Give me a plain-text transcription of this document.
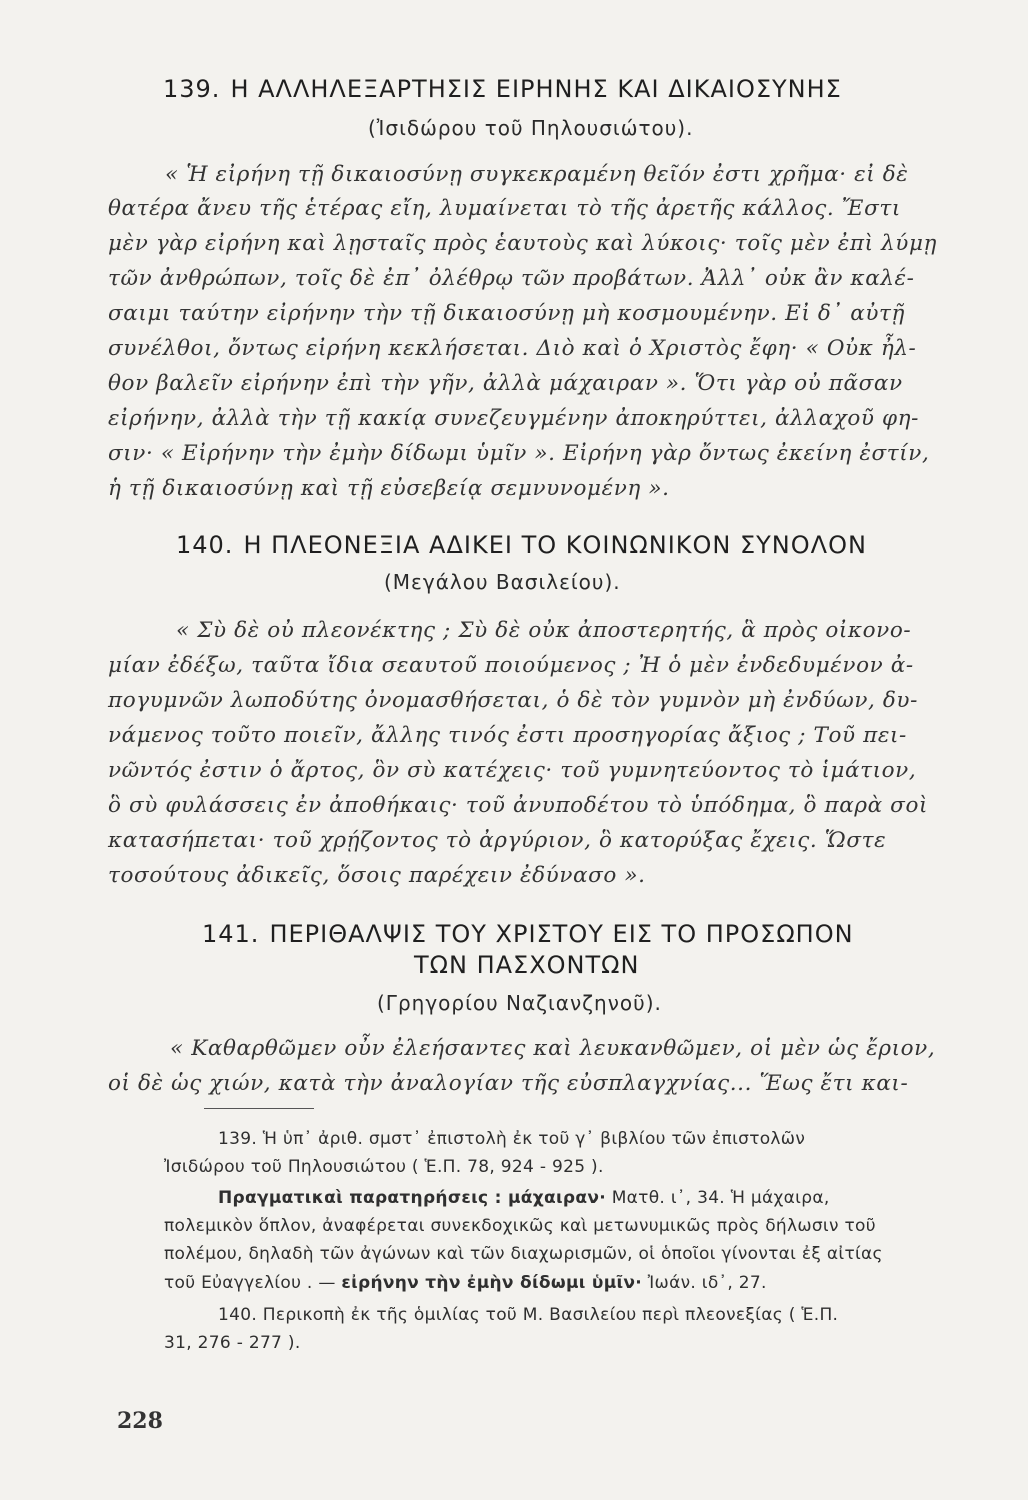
139. Η ΑΛΛΗΛΕΞΑΡΤΗΣΙΣ ΕΙΡΗΝΗΣ ΚΑΙ ΔΙΚΑΙΟΣΥΝΗΣ
(Ἰσιδώρου τοῦ Πηλουσιώτου).
« Ἡ εἰρήνη τῇ δικαιοσύνῃ συγκεκραμένη θεῖόν ἐστι χρῆμα· εἰ δὲ
θατέρα ἄνευ τῆς ἑτέρας εἴη, λυμαίνεται τὸ τῆς ἀρετῆς κάλλος. Ἔστι
μὲν γὰρ εἰρήνη καὶ λῃσταῖς πρὸς ἑαυτοὺς καὶ λύκοις· τοῖς μὲν ἐπὶ λύμῃ
τῶν ἀνθρώπων, τοῖς δὲ ἐπ᾽ ὀλέθρῳ τῶν προβάτων. Ἀλλ᾽ οὐκ ἂν καλέ-
σαιμι ταύτην εἰρήνην τὴν τῇ δικαιοσύνῃ μὴ κοσμουμένην. Εἰ δ᾽ αὐτῇ
συνέλθοι, ὄντως εἰρήνη κεκλήσεται. Διὸ καὶ ὁ Χριστὸς ἔφη· « Οὐκ ἦλ-
θον βαλεῖν εἰρήνην ἐπὶ τὴν γῆν, ἀλλὰ μάχαιραν ». Ὅτι γὰρ οὐ πᾶσαν
εἰρήνην, ἀλλὰ τὴν τῇ κακίᾳ συνεζευγμένην ἀποκηρύττει, ἀλλαχοῦ φη-
σιν· « Εἰρήνην τὴν ἐμὴν δίδωμι ὑμῖν ». Εἰρήνη γὰρ ὄντως ἐκείνη ἐστίν,
ἡ τῇ δικαιοσύνῃ καὶ τῇ εὐσεβείᾳ σεμνυνομένη ».
140. Η ΠΛΕΟΝΕΞΙΑ ΑΔΙΚΕΙ ΤΟ ΚΟΙΝΩΝΙΚΟΝ ΣΥΝΟΛΟΝ
(Μεγάλου Βασιλείου).
« Σὺ δὲ οὐ πλεονέκτης ; Σὺ δὲ οὐκ ἀποστερητής, ἃ πρὸς οἰκονο-
μίαν ἐδέξω, ταῦτα ἴδια σεαυτοῦ ποιούμενος ; Ἠ ὁ μὲν ἐνδεδυμένον ἀ-
πογυμνῶν λωποδύτης ὀνομασθήσεται, ὁ δὲ τὸν γυμνὸν μὴ ἐνδύων, δυ-
νάμενος τοῦτο ποιεῖν, ἄλλης τινός ἐστι προσηγορίας ἄξιος ; Τοῦ πει-
νῶντός ἐστιν ὁ ἄρτος, ὃν σὺ κατέχεις· τοῦ γυμνητεύοντος τὸ ἱμάτιον,
ὃ σὺ φυλάσσεις ἐν ἀποθήκαις· τοῦ ἀνυποδέτου τὸ ὑπόδημα, ὃ παρὰ σοὶ
κατασήπεται· τοῦ χρῄζοντος τὸ ἀργύριον, ὃ κατορύξας ἔχεις. Ὥστε
τοσούτους ἀδικεῖς, ὅσοις παρέχειν ἐδύνασο ».
141. ΠΕΡΙΘΑΛΨΙΣ ΤΟΥ ΧΡΙΣΤΟΥ ΕΙΣ ΤΟ ΠΡΟΣΩΠΟΝ
ΤΩΝ ΠΑΣΧΟΝΤΩΝ
(Γρηγορίου Ναζιανζηνοῦ).
« Καθαρθῶμεν οὖν ἐλεήσαντες καὶ λευκανθῶμεν, οἱ μὲν ὡς ἔριον,
οἱ δὲ ὡς χιών, κατὰ τὴν ἀναλογίαν τῆς εὐσπλαγχνίας... Ἕως ἔτι και-
139. Ἡ ὑπ᾽ ἀριθ. σμστ᾽ ἐπιστολὴ ἐκ τοῦ γ᾽ βιβλίου τῶν ἐπιστολῶν
Ἰσιδώρου τοῦ Πηλουσιώτου ( Ἑ.Π. 78, 924 - 925 ).
Πραγματικαὶ παρατηρήσεις : μάχαιραν· Ματθ. ι᾽, 34. Ἡ μάχαιρα,
πολεμικὸν ὅπλον, ἀναφέρεται συνεκδοχικῶς καὶ μετωνυμικῶς πρὸς δήλωσιν τοῦ
πολέμου, δηλαδὴ τῶν ἀγώνων καὶ τῶν διαχωρισμῶν, οἱ ὁποῖοι γίνονται ἐξ αἰτίας
τοῦ Εὐαγγελίου . — εἰρήνην τὴν ἐμὴν δίδωμι ὑμῖν· Ἰωάν. ιδ᾽, 27.
140. Περικοπὴ ἐκ τῆς ὁμιλίας τοῦ Μ. Βασιλείου περὶ πλεονεξίας ( Ἑ.Π.
31, 276 - 277 ).
228
